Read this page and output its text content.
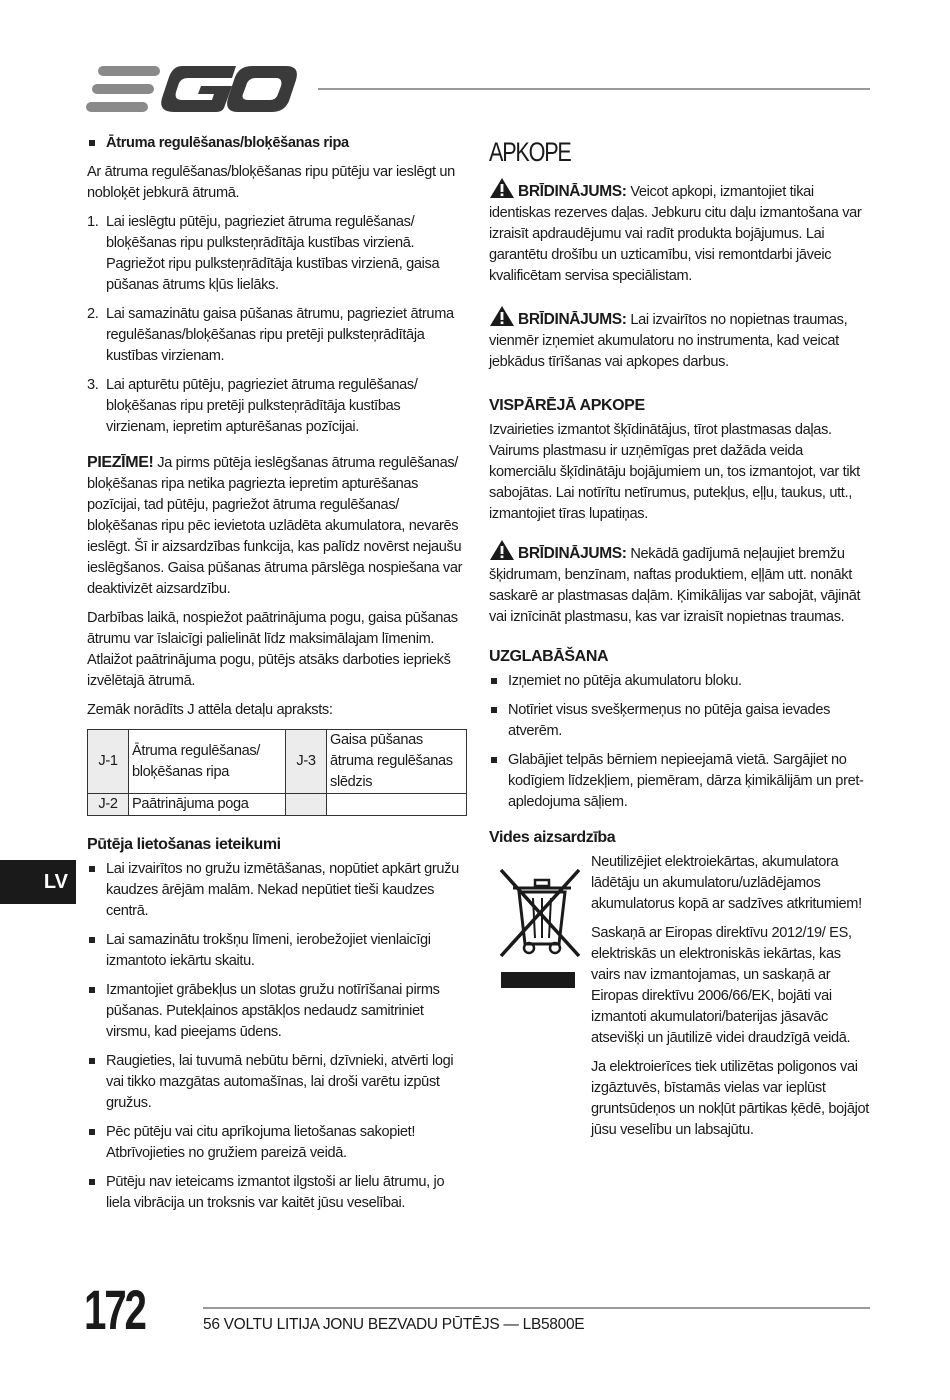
LV
Ātruma regulēšanas/bloķēšanas ripa

Ar ātruma regulēšanas/bloķēšanas ripu pūtēju var ieslēgt un nobloķēt jebkurā ātrumā.

1. Lai ieslēgtu pūtēju, pagrieziet ātruma regulēšanas/ bloķēšanas ripu pulksteņrādītāja kustības virzienā. Pagriežot ripu pulksteņrādītāja kustības virzienā, gaisa pūšanas ātrums kļūs lielāks.
2. Lai samazinātu gaisa pūšanas ātrumu, pagrieziet ātruma regulēšanas/bloķēšanas ripu pretēji pulksteņrādītāja kustības virzienam.
3. Lai apturētu pūtēju, pagrieziet ātruma regulēšanas/ bloķēšanas ripu pretēji pulksteņrādītāja kustības virzienam, iepretim apturēšanas pozīcijai.

PIEZĪME! Ja pirms pūtēja ieslēgšanas ātruma regulēšanas/ bloķēšanas ripa netika pagriezta iepretim apturēšanas pozīcijai, tad pūtēju, pagriežot ātruma regulēšanas/ bloķēšanas ripu pēc ievietota uzlādēta akumulatora, nevarēs ieslēgt. Šī ir aizsardzības funkcija, kas palīdz novērst nejaušu ieslēgšanos. Gaisa pūšanas ātruma pārslēga nospiešana var deaktivizēt aizsardzību.

Darbības laikā, nospiežot paātrinājuma pogu, gaisa pūšanas ātrumu var īslaicīgi palielināt līdz maksimālajam līmenim. Atlaižot paātrinājuma pogu, pūtējs atsāks darboties iepriekš izvēlētajā ātrumā.

Zemāk norādīts J attēla detaļu apraksts:

J-1	Ātruma regulēšanas/ bloķēšanas ripa	J-3	Gaisa pūšanas ātruma regulēšanas slēdzis
J-2	Paātrinājuma poga		
Pūtēja lietošanas ieteikumi
Lai izvairītos no gružu izmētāšanas, nopūtiet apkārt gružu kaudzes ārējām malām. Nekad nepūtiet tieši kaudzes centrā.
Lai samazinātu trokšņu līmeni, ierobežojiet vienlaicīgi izmantoto iekārtu skaitu.
Izmantojiet grābekļus un slotas gružu notīrīšanai pirms pūšanas. Putekļainos apstākļos nedaudz samitriniet virsmu, kad pieejams ūdens.
Raugieties, lai tuvumā nebūtu bērni, dzīvnieki, atvērti logi vai tikko mazgātas automašīnas, lai droši varētu izpūst gružus.
Pēc pūtēju vai citu aprīkojuma lietošanas sakopiet! Atbrīvojieties no gružiem pareizā veidā.
Pūtēju nav ieteicams izmantot ilgstoši ar lielu ātrumu, jo liela vibrācija un troksnis var kaitēt jūsu veselībai.
APKOPE

BRĪDINĀJUMS: Veicot apkopi, izmantojiet tikai identiskas rezerves daļas. Jebkuru citu daļu izmantošana var izraisīt apdraudējumu vai radīt produkta bojājumus. Lai garantētu drošību un uzticamību, visi remontdarbi jāveic kvalificētam servisa speciālistam.

BRĪDINĀJUMS: Lai izvairītos no nopietnas traumas, vienmēr izņemiet akumulatoru no instrumenta, kad veicat jebkādus tīrīšanas vai apkopes darbus.

VISPĀRĒJĀ APKOPE

Izvairieties izmantot šķīdinātājus, tīrot plastmasas daļas. Vairums plastmasu ir uzņēmīgas pret dažāda veida komerciālu šķīdinātāju bojājumiem un, tos izmantojot, var tikt sabojātas. Lai notīrītu netīrumus, putekļus, eļļu, taukus, utt., izmantojiet tīras lupatiņas.

BRĪDINĀJUMS: Nekādā gadījumā neļaujiet bremžu šķidrumam, benzīnam, naftas produktiem, eļļām utt. nonākt saskarē ar plastmasas daļām. Ķimikālijas var sabojāt, vājināt vai iznīcināt plastmasu, kas var izraisīt nopietnas traumas.

UZGLABĀŠANA
Izņemiet no pūtēja akumulatoru bloku.
Notīriet visus svešķermeņus no pūtēja gaisa ievades atverēm.
Glabājiet telpās bērniem nepieejamā vietā. Sargājiet no kodīgiem līdzekļiem, piemēram, dārza ķimikālijām un pret-apledojuma sāļiem.
Vides aizsardzība

Neutilizējiet elektroiekārtas, akumulatora lādētāju un akumulatoru/uzlādējamos akumulatorus kopā ar sadzīves atkritumiem!

Saskaņā ar Eiropas direktīvu 2012/19/ ES, elektriskās un elektroniskās iekārtas, kas vairs nav izmantojamas, un saskaņā ar Eiropas direktīvu 2006/66/EK, bojāti vai izmantoti akumulatori/baterijas jāsavāc atsevišķi un jāutilizē videi draudzīgā veidā.

Ja elektroierīces tiek utilizētas poligonos vai izgāztuvēs, bīstamās vielas var ieplūst gruntsūdeņos un nokļūt pārtikas ķēdē, bojājot jūsu veselību un labsajūtu.

172	56 VOLTU LITIJA JONU BEZVADU PŪTĒJS — LB5800E
